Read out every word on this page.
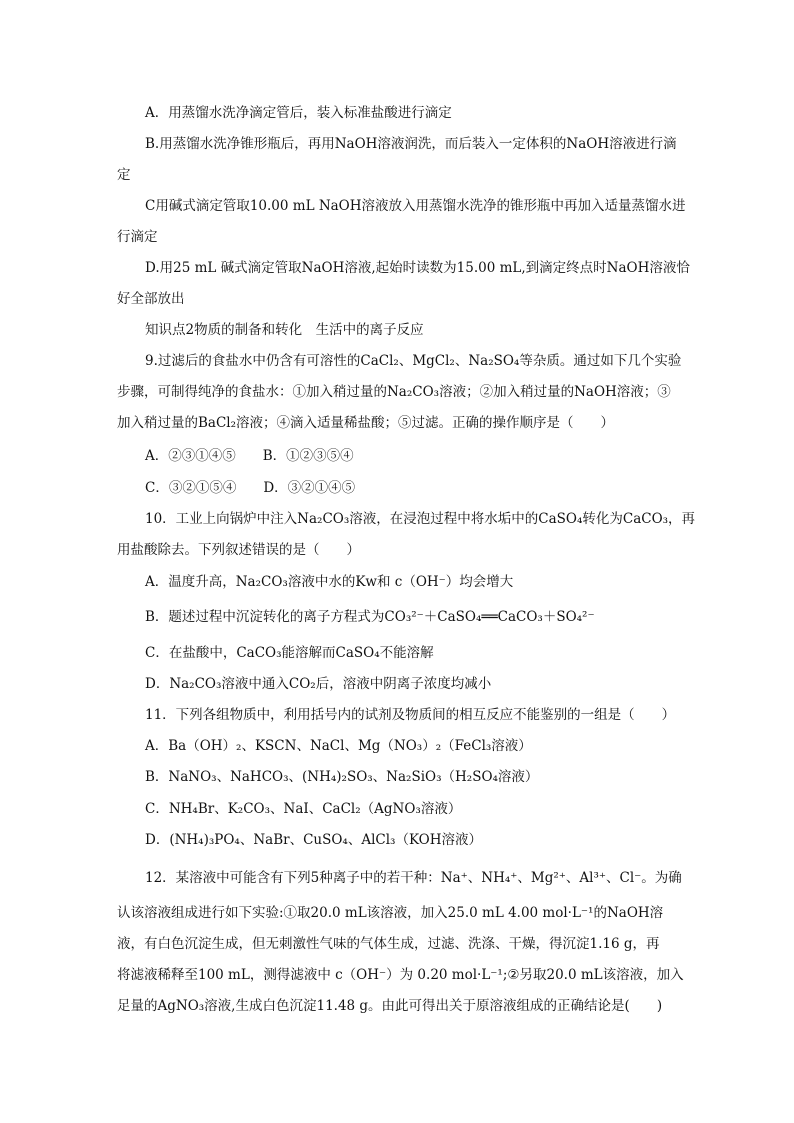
A．用蒸馏水洗净滴定管后，装入标准盐酸进行滴定
B.用蒸馏水洗净锥形瓶后，再用NaOH溶液润洗，而后装入一定体积的NaOH溶液进行滴
定
C用碱式滴定管取10.00 mL NaOH溶液放入用蒸馏水洗净的锥形瓶中再加入适量蒸馏水进
行滴定
D.用25 mL 碱式滴定管取NaOH溶液,起始时读数为15.00 mL,到滴定终点时NaOH溶液恰
好全部放出
知识点2物质的制备和转化　生活中的离子反应
9.过滤后的食盐水中仍含有可溶性的CaCl₂、MgCl₂、Na₂SO₄等杂质。通过如下几个实验
步骤，可制得纯净的食盐水：①加入稍过量的Na₂CO₃溶液；②加入稍过量的NaOH溶液；③
加入稍过量的BaCl₂溶液；④滴入适量稀盐酸；⑤过滤。正确的操作顺序是（　　）
A．②③①④⑤　　B．①②③⑤④
C．③②①⑤④　　D．③②①④⑤
10．工业上向锅炉中注入Na₂CO₃溶液，在浸泡过程中将水垢中的CaSO₄转化为CaCO₃，再
用盐酸除去。下列叙述错误的是（　　）
A．温度升高，Na₂CO₃溶液中水的Kw和 c（OH⁻）均会增大
B．题述过程中沉淀转化的离子方程式为CO₃²⁻＋CaSO₄══CaCO₃＋SO₄²⁻
C．在盐酸中，CaCO₃能溶解而CaSO₄不能溶解
D．Na₂CO₃溶液中通入CO₂后，溶液中阴离子浓度均减小
11．下列各组物质中，利用括号内的试剂及物质间的相互反应不能鉴别的一组是（　　）
A．Ba（OH）₂、KSCN、NaCl、Mg（NO₃）₂（FeCl₃溶液）
B．NaNO₃、NaHCO₃、(NH₄)₂SO₃、Na₂SiO₃（H₂SO₄溶液）
C．NH₄Br、K₂CO₃、NaI、CaCl₂（AgNO₃溶液）
D．(NH₄)₃PO₄、NaBr、CuSO₄、AlCl₃（KOH溶液）
12．某溶液中可能含有下列5种离子中的若干种：Na⁺、NH₄⁺、Mg²⁺、Al³⁺、Cl⁻。为确
认该溶液组成进行如下实验:①取20.0 mL该溶液，加入25.0 mL 4.00 mol·L⁻¹的NaOH溶
液，有白色沉淀生成，但无刺激性气味的气体生成，过滤、洗涤、干燥，得沉淀1.16 g，再
将滤液稀释至100 mL，测得滤液中 c（OH⁻）为 0.20 mol·L⁻¹;②另取20.0 mL该溶液，加入
足量的AgNO₃溶液,生成白色沉淀11.48 g。由此可得出关于原溶液组成的正确结论是(　　)
